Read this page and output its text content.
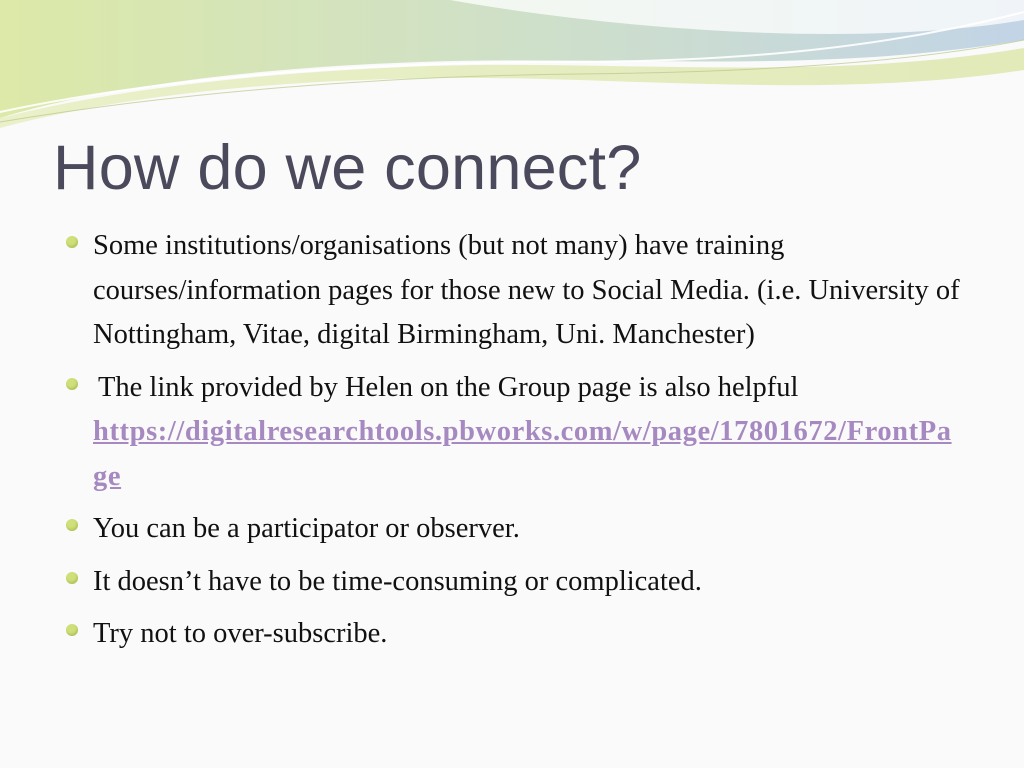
How do we connect?
Some institutions/organisations (but not many) have training courses/information pages for those new to Social Media. (i.e. University of Nottingham, Vitae, digital Birmingham, Uni. Manchester)
The link provided by Helen on the Group page is also helpful
https://digitalresearchtools.pbworks.com/w/page/17801672/FrontPage
You can be a participator or observer.
It doesn’t have to be time-consuming or complicated.
Try not to over-subscribe.
